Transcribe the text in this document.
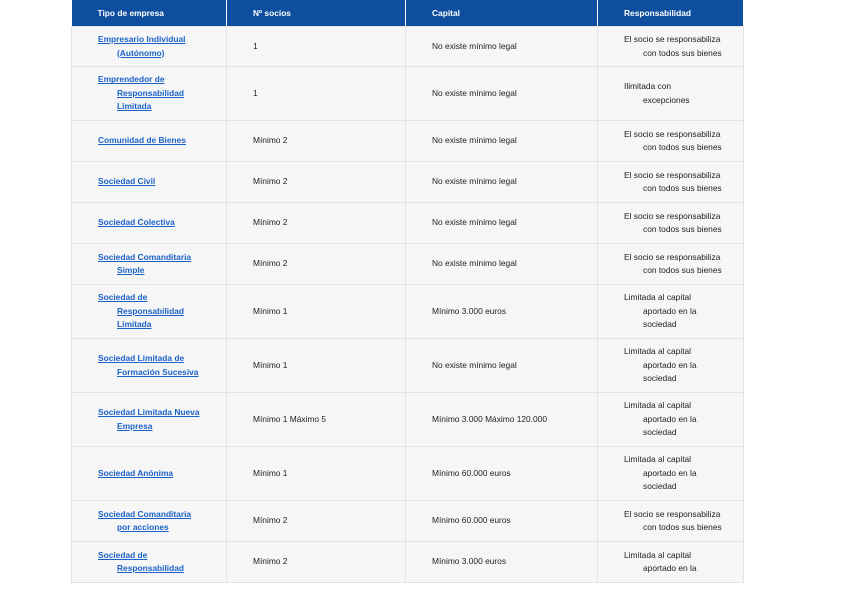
Tipo de empresa	Nº socios	Capital	Responsabilidad

Empresario Individual
(Autónomo)	1	No existe mínimo legal	El socio se responsabiliza
con todos sus bienes

Emprendedor de
Responsabilidad
Limitada	1	No existe mínimo legal	Ilimitada con
excepciones

Comunidad de Bienes	Mínimo 2	No existe mínimo legal	El socio se responsabiliza
con todos sus bienes

Sociedad Civil	Mínimo 2	No existe mínimo legal	El socio se responsabiliza
con todos sus bienes

Sociedad Colectiva	Mínimo 2	No existe mínimo legal	El socio se responsabiliza
con todos sus bienes

Sociedad Comanditaria
Simple	Mínimo 2	No existe mínimo legal	El socio se responsabiliza
con todos sus bienes

Sociedad de
Responsabilidad
Limitada	Mínimo 1	Mínimo 3.000 euros	Limitada al capital
aportado en la
sociedad

Sociedad Limitada de
Formación Sucesiva	Mínimo 1	No existe mínimo legal	Limitada al capital
aportado en la
sociedad

Sociedad Limitada Nueva
Empresa	Mínimo 1 Máximo 5	Mínimo 3.000 Máximo 120.000	Limitada al capital
aportado en la
sociedad

Sociedad Anónima	Mínimo 1	Mínimo 60.000 euros	Limitada al capital
aportado en la
sociedad

Sociedad Comanditaria
por acciones	Mínimo 2	Mínimo 60.000 euros	El socio se responsabiliza
con todos sus bienes

Sociedad de
Responsabilidad	Mínimo 2	Mínimo 3.000 euros	Limitada al capital
aportado en la
